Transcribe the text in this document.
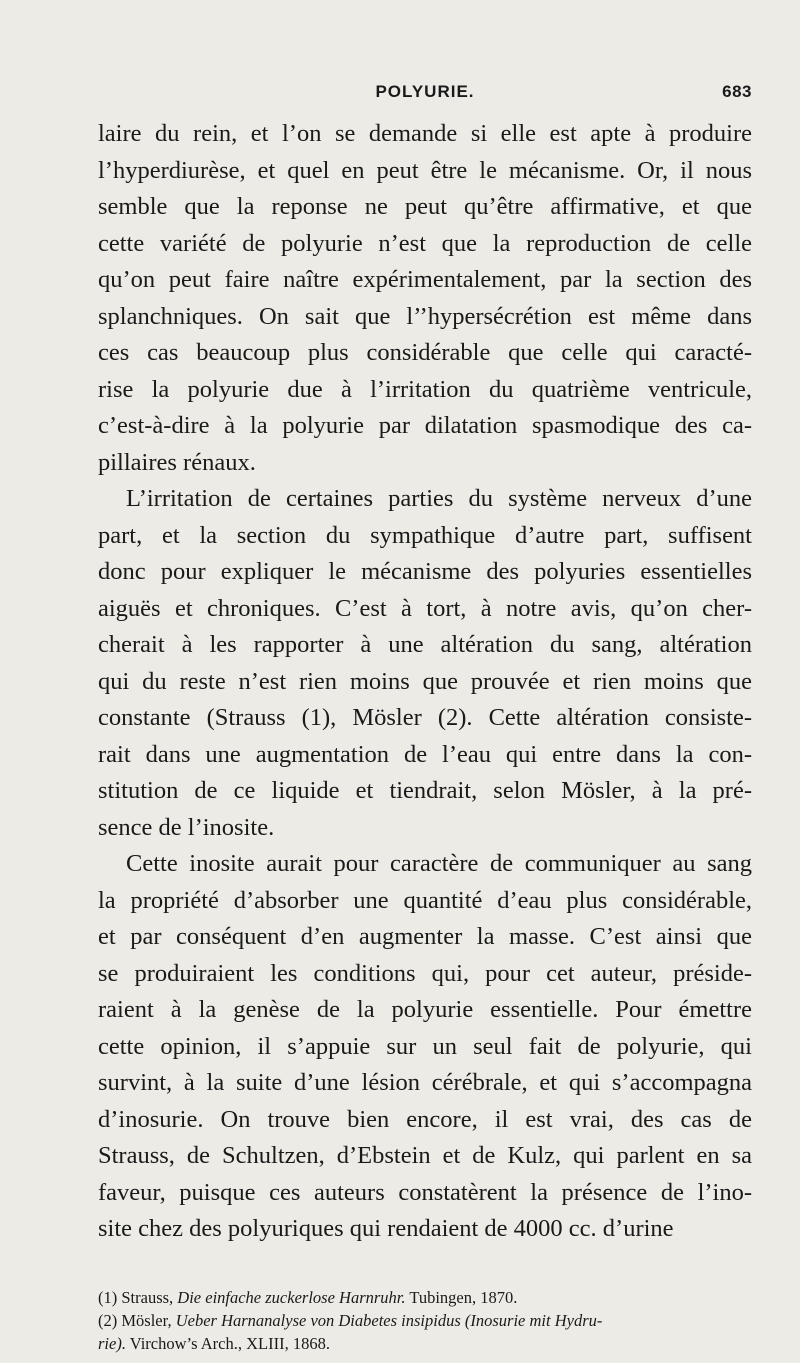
POLYURIE.	683
laire du rein, et l’on se demande si elle est apte à produire
l’hyperdiurèse, et quel en peut être le mécanisme. Or, il nous
semble que la reponse ne peut qu’être affirmative, et que
cette variété de polyurie n’est que la reproduction de celle
qu’on peut faire naître expérimentalement, par la section des
splanchniques. On sait que l’’hypersécrétion est même dans
ces cas beaucoup plus considérable que celle qui caracté-
rise la polyurie due à l’irritation du quatrième ventricule,
c’est-à-dire à la polyurie par dilatation spasmodique des ca-
pillaires rénaux.
L’irritation de certaines parties du système nerveux d’une
part, et la section du sympathique d’autre part, suffisent
donc pour expliquer le mécanisme des polyuries essentielles
aiguës et chroniques. C’est à tort, à notre avis, qu’on cher-
cherait à les rapporter à une altération du sang, altération
qui du reste n’est rien moins que prouvée et rien moins que
constante (Strauss (1), Mösler (2). Cette altération consiste-
rait dans une augmentation de l’eau qui entre dans la con-
stitution de ce liquide et tiendrait, selon Mösler, à la pré-
sence de l’inosite.
Cette inosite aurait pour caractère de communiquer au sang
la propriété d’absorber une quantité d’eau plus considérable,
et par conséquent d’en augmenter la masse. C’est ainsi que
se produiraient les conditions qui, pour cet auteur, préside-
raient à la genèse de la polyurie essentielle. Pour émettre
cette opinion, il s’appuie sur un seul fait de polyurie, qui
survint, à la suite d’une lésion cérébrale, et qui s’accompagna
d’inosurie. On trouve bien encore, il est vrai, des cas de
Strauss, de Schultzen, d’Ebstein et de Kulz, qui parlent en sa
faveur, puisque ces auteurs constatèrent la présence de l’ino-
site chez des polyuriques qui rendaient de 4000 cc. d’urine
(1) Strauss, Die einfache zuckerlose Harnruhr. Tubingen, 1870.
(2) Mösler, Ueber Harnanalyse von Diabetes insipidus (Inosurie mit Hydru-
rie). Virchow’s Arch., XLIII, 1868.
